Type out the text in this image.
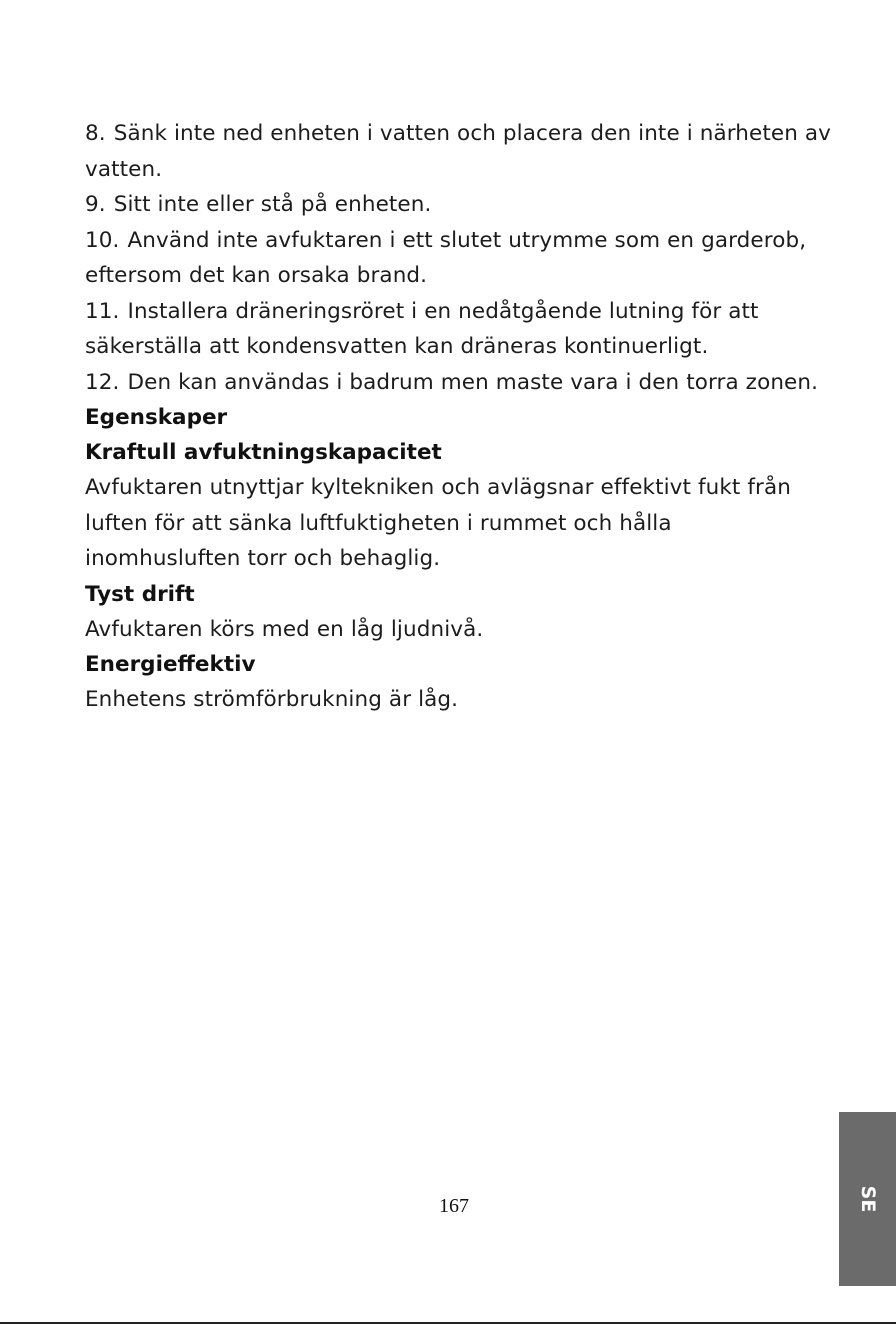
8. Sänk inte ned enheten i vatten och placera den inte i närheten av
vatten.
9. Sitt inte eller stå på enheten.
10. Använd inte avfuktaren i ett slutet utrymme som en garderob,
eftersom det kan orsaka brand.
11. Installera dräneringsröret i en nedåtgående lutning för att
säkerställa att kondensvatten kan dräneras kontinuerligt.
12. Den kan användas i badrum men maste vara i den torra zonen.
Egenskaper
Kraftull avfuktningskapacitet
Avfuktaren utnyttjar kyltekniken och avlägsnar effektivt fukt från
luften för att sänka luftfuktigheten i rummet och hålla
inomhusluften torr och behaglig.
Tyst drift
Avfuktaren körs med en låg ljudnivå.
Energieffektiv
Enhetens strömförbrukning är låg.
167	SE
